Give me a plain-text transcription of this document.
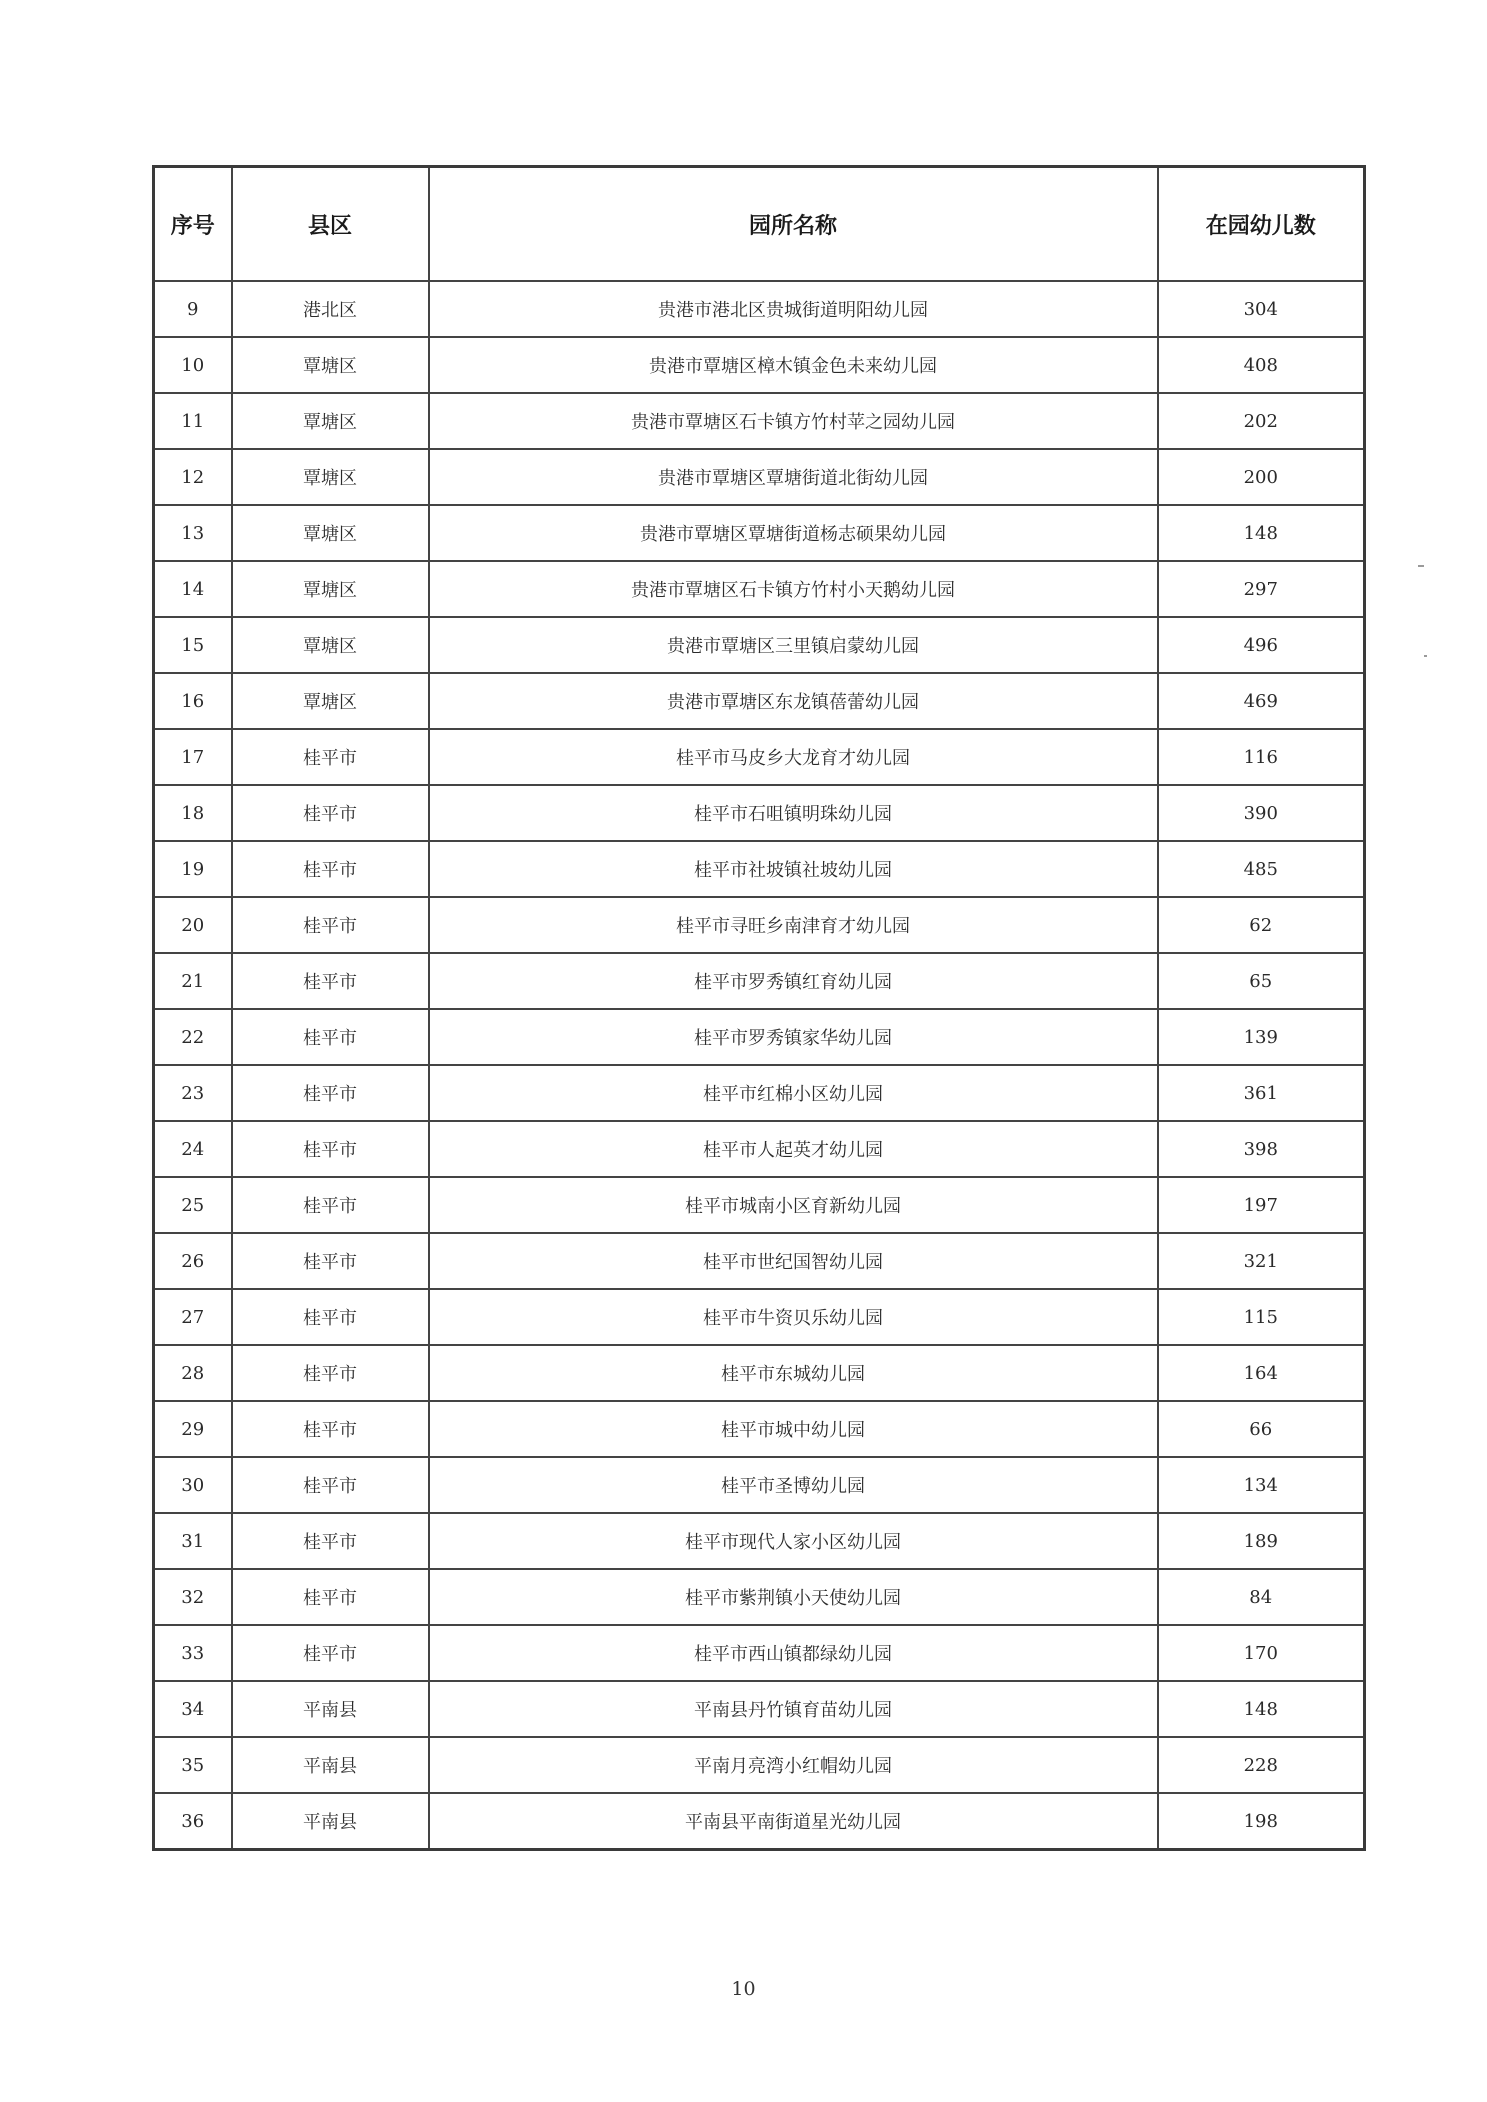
序号	县区	园所名称	在园幼儿数
9	港北区	贵港市港北区贵城街道明阳幼儿园	304
10	覃塘区	贵港市覃塘区樟木镇金色未来幼儿园	408
11	覃塘区	贵港市覃塘区石卡镇方竹村苹之园幼儿园	202
12	覃塘区	贵港市覃塘区覃塘街道北街幼儿园	200
13	覃塘区	贵港市覃塘区覃塘街道杨志硕果幼儿园	148
14	覃塘区	贵港市覃塘区石卡镇方竹村小天鹅幼儿园	297
15	覃塘区	贵港市覃塘区三里镇启蒙幼儿园	496
16	覃塘区	贵港市覃塘区东龙镇蓓蕾幼儿园	469
17	桂平市	桂平市马皮乡大龙育才幼儿园	116
18	桂平市	桂平市石咀镇明珠幼儿园	390
19	桂平市	桂平市社坡镇社坡幼儿园	485
20	桂平市	桂平市寻旺乡南津育才幼儿园	62
21	桂平市	桂平市罗秀镇红育幼儿园	65
22	桂平市	桂平市罗秀镇家华幼儿园	139
23	桂平市	桂平市红棉小区幼儿园	361
24	桂平市	桂平市人起英才幼儿园	398
25	桂平市	桂平市城南小区育新幼儿园	197
26	桂平市	桂平市世纪国智幼儿园	321
27	桂平市	桂平市牛资贝乐幼儿园	115
28	桂平市	桂平市东城幼儿园	164
29	桂平市	桂平市城中幼儿园	66
30	桂平市	桂平市圣博幼儿园	134
31	桂平市	桂平市现代人家小区幼儿园	189
32	桂平市	桂平市紫荆镇小天使幼儿园	84
33	桂平市	桂平市西山镇都绿幼儿园	170
34	平南县	平南县丹竹镇育苗幼儿园	148
35	平南县	平南月亮湾小红帽幼儿园	228
36	平南县	平南县平南街道星光幼儿园	198
10
